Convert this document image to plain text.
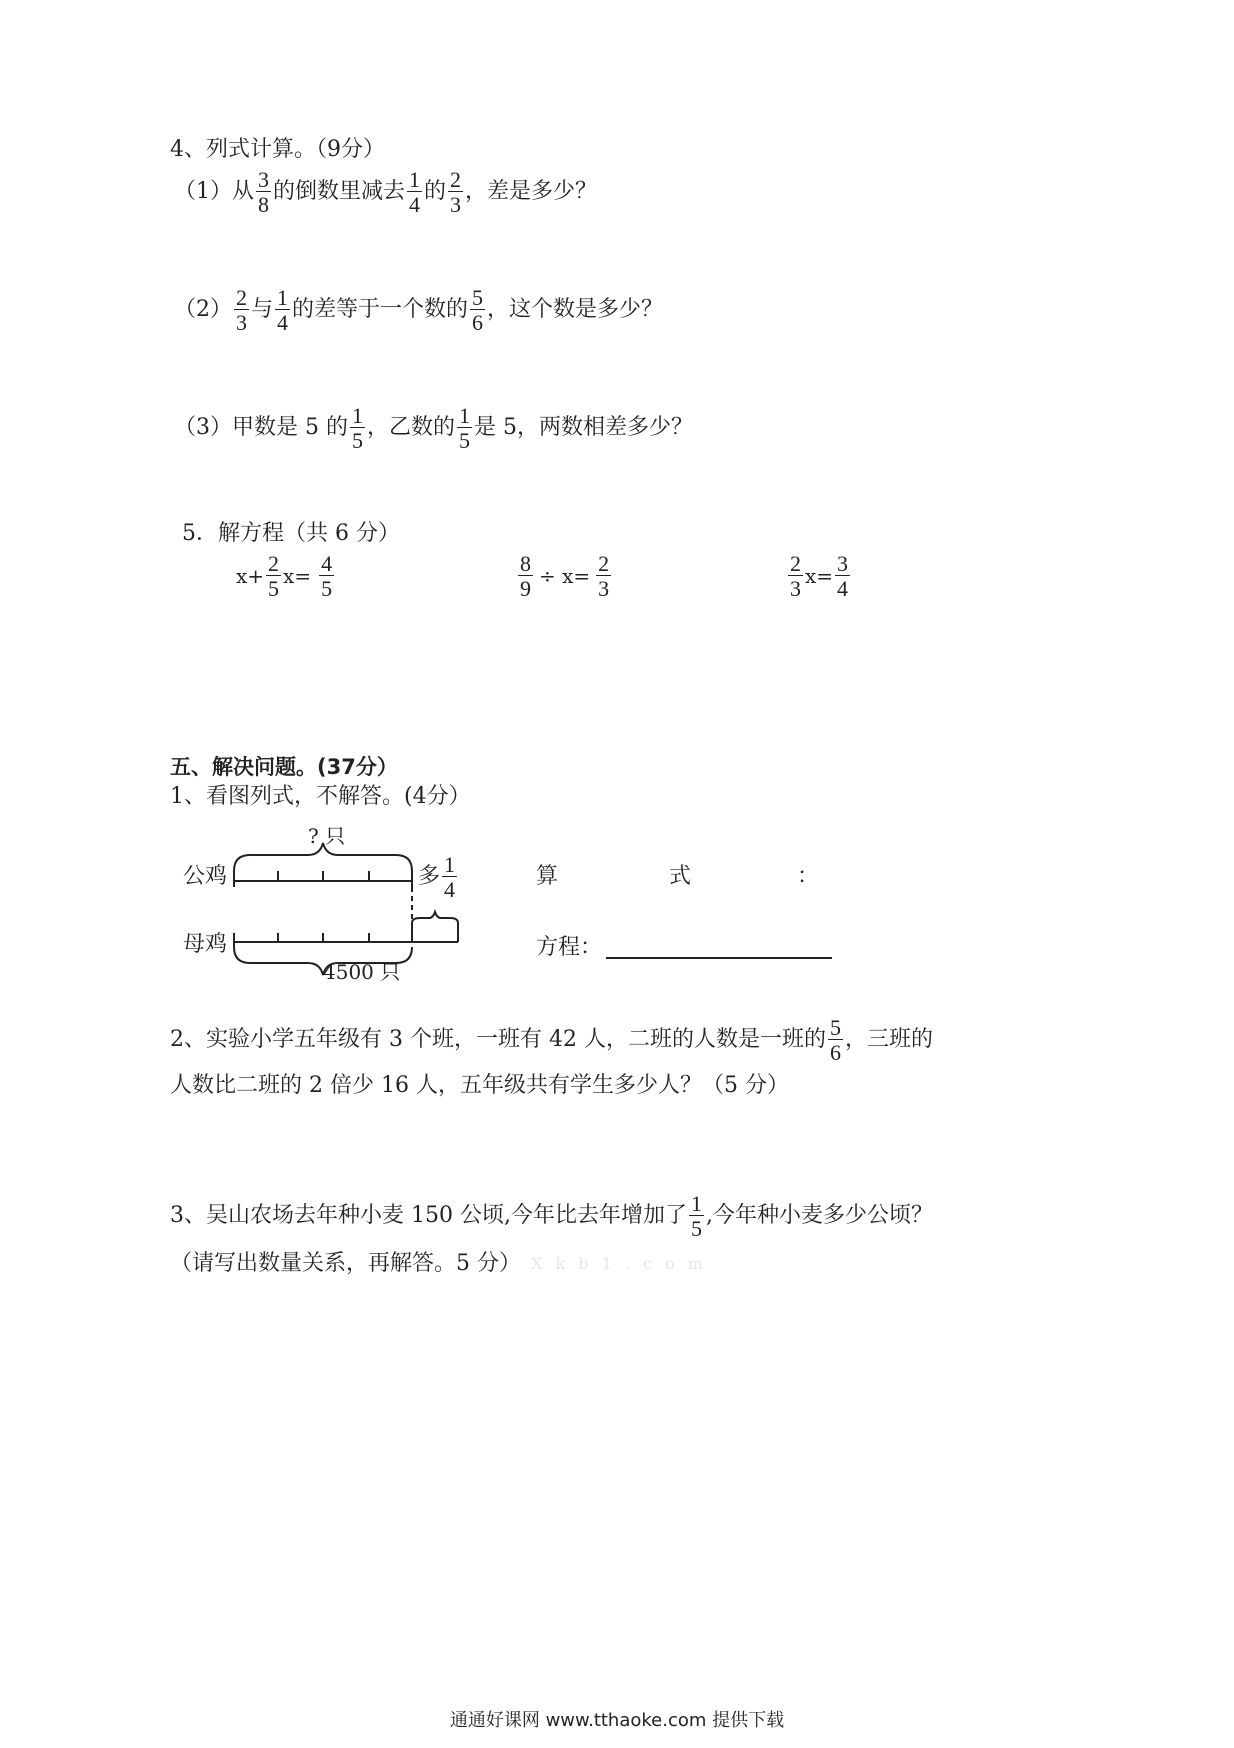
4、列式计算。（9分）
（1）从 $\frac{3}{8}$ 的倒数里减去 $\frac{1}{4}$ 的 $\frac{2}{3}$ ，差是多少？
$(2) \frac{2}{3}$ 与 $\frac{1}{4}$ 的差等于一个数的 $\frac{5}{6}$ ，这个数是多少？
（3）甲数是 5 的 $\frac{1}{5}$ ，乙数的 $\frac{1}{5}$ 是 5，两数相差多少？
5．解方程（共 6 分）
$x+ \frac{2}{5} x= \frac{4}{5}$	$\frac{8}{9} \div x= \frac{2}{3}$	$\frac{2}{3} x= \frac{3}{4}$
五、解决问题。(37分）
1、看图列式，不解答。(4分）
? 只
公鸡	多 $\frac{1}{4}$
母鸡
4500 只
算	式	：
方程：
2、实验小学五年级有 3 个班，一班有 42 人，二班的人数是一班的 $\frac{5}{6}$ ，三班的
人数比二班的 2 倍少 16 人，五年级共有学生多少人？（5 分）
3、吴山农场去年种小麦 150 公顷,今年比去年增加了 $\frac{1}{5}$ ,今年种小麦多少公顷？
（请写出数量关系，再解答。5 分） X k b 1 . c o m
通通好课网 www.tthaoke.com 提供下载
